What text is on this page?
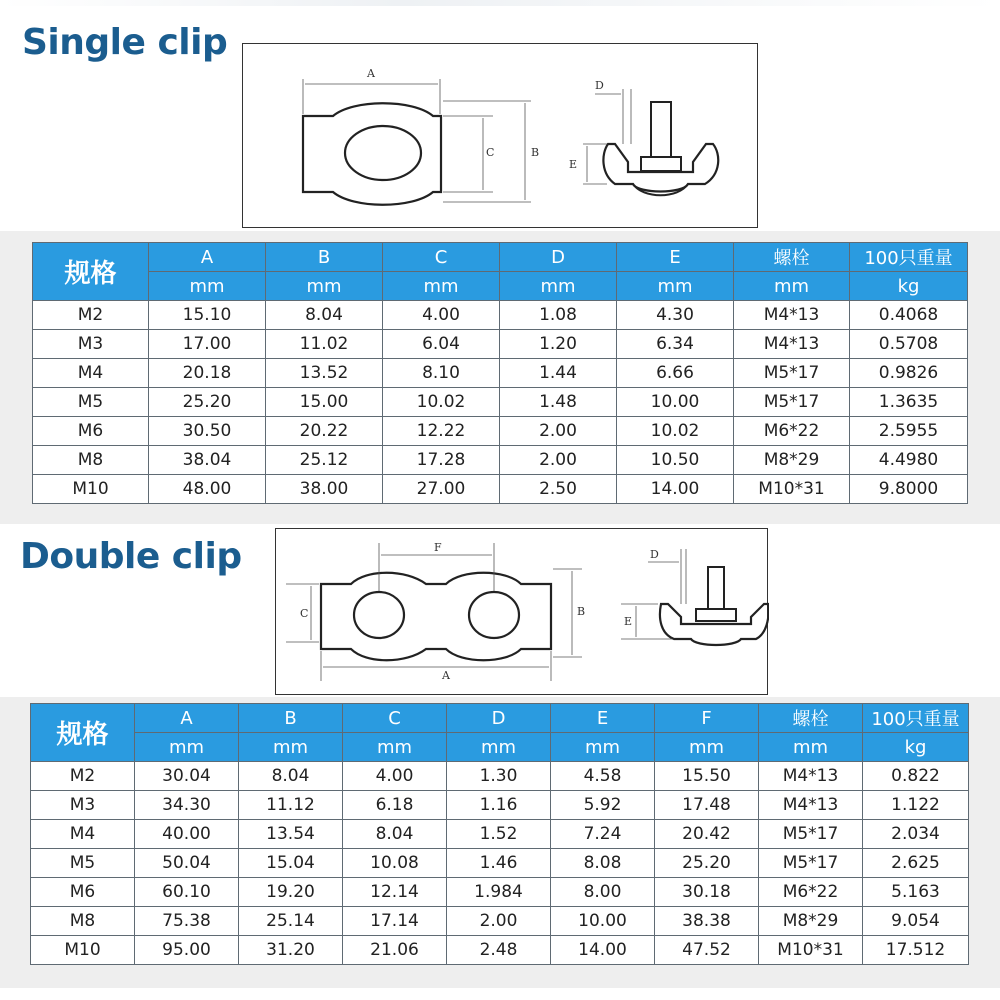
Single clip
A
C	B
D
E
规格	A	B	C	D	E	螺栓	100只重量
	mm	mm	mm	mm	mm	mm	kg
M2	15.10	8.04	4.00	1.08	4.30	M4*13	0.4068
M3	17.00	11.02	6.04	1.20	6.34	M4*13	0.5708
M4	20.18	13.52	8.10	1.44	6.66	M5*17	0.9826
M5	25.20	15.00	10.02	1.48	10.00	M5*17	1.3635
M6	30.50	20.22	12.22	2.00	10.02	M6*22	2.5955
M8	38.04	25.12	17.28	2.00	10.50	M8*29	4.4980
M10	48.00	38.00	27.00	2.50	14.00	M10*31	9.8000
Double clip	F
C	B
A
D
E
规格	A	B	C	D	E	F	螺栓	100只重量
	mm	mm	mm	mm	mm	mm	mm	kg
M2	30.04	8.04	4.00	1.30	4.58	15.50	M4*13	0.822
M3	34.30	11.12	6.18	1.16	5.92	17.48	M4*13	1.122
M4	40.00	13.54	8.04	1.52	7.24	20.42	M5*17	2.034
M5	50.04	15.04	10.08	1.46	8.08	25.20	M5*17	2.625
M6	60.10	19.20	12.14	1.984	8.00	30.18	M6*22	5.163
M8	75.38	25.14	17.14	2.00	10.00	38.38	M8*29	9.054
M10	95.00	31.20	21.06	2.48	14.00	47.52	M10*31	17.512
